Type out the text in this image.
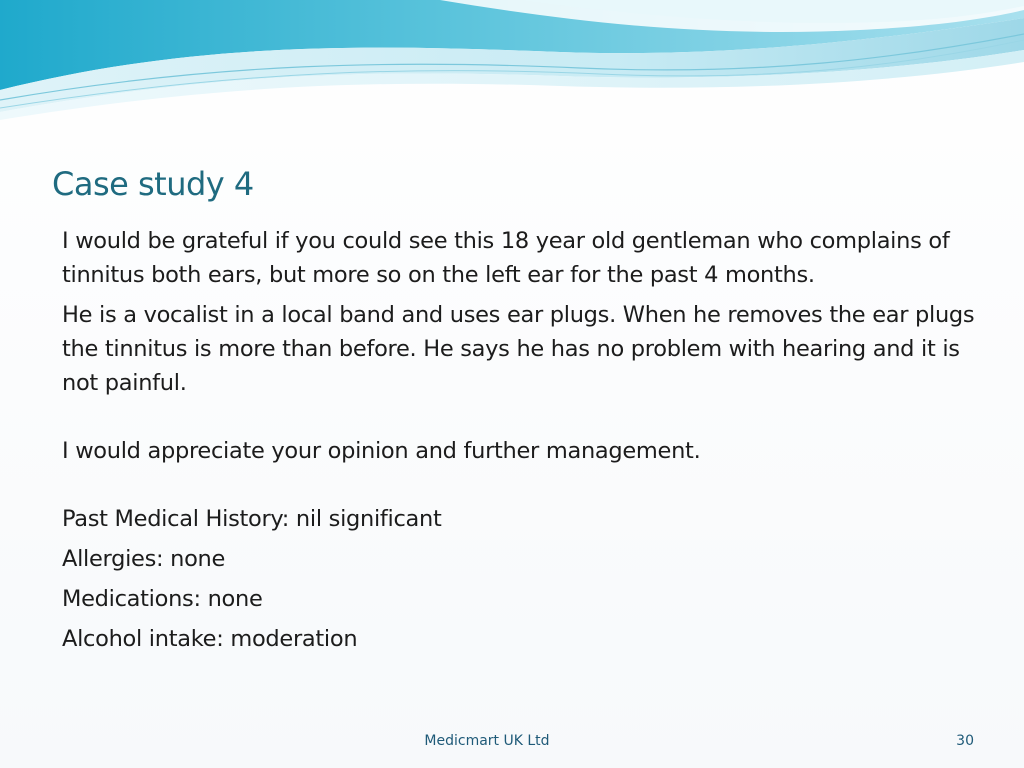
Case study 4
I would be grateful if you could see this 18 year old gentleman who complains of tinnitus both ears, but more so on the left ear for the past 4 months.
He is a vocalist in a local band and uses ear plugs. When he removes the ear plugs the tinnitus is more than before. He says he has no problem with hearing and it is not painful.
I would appreciate your opinion and further management.
Past Medical History: nil significant
Allergies: none
Medications: none
Alcohol intake: moderation
Medicmart UK Ltd	30
